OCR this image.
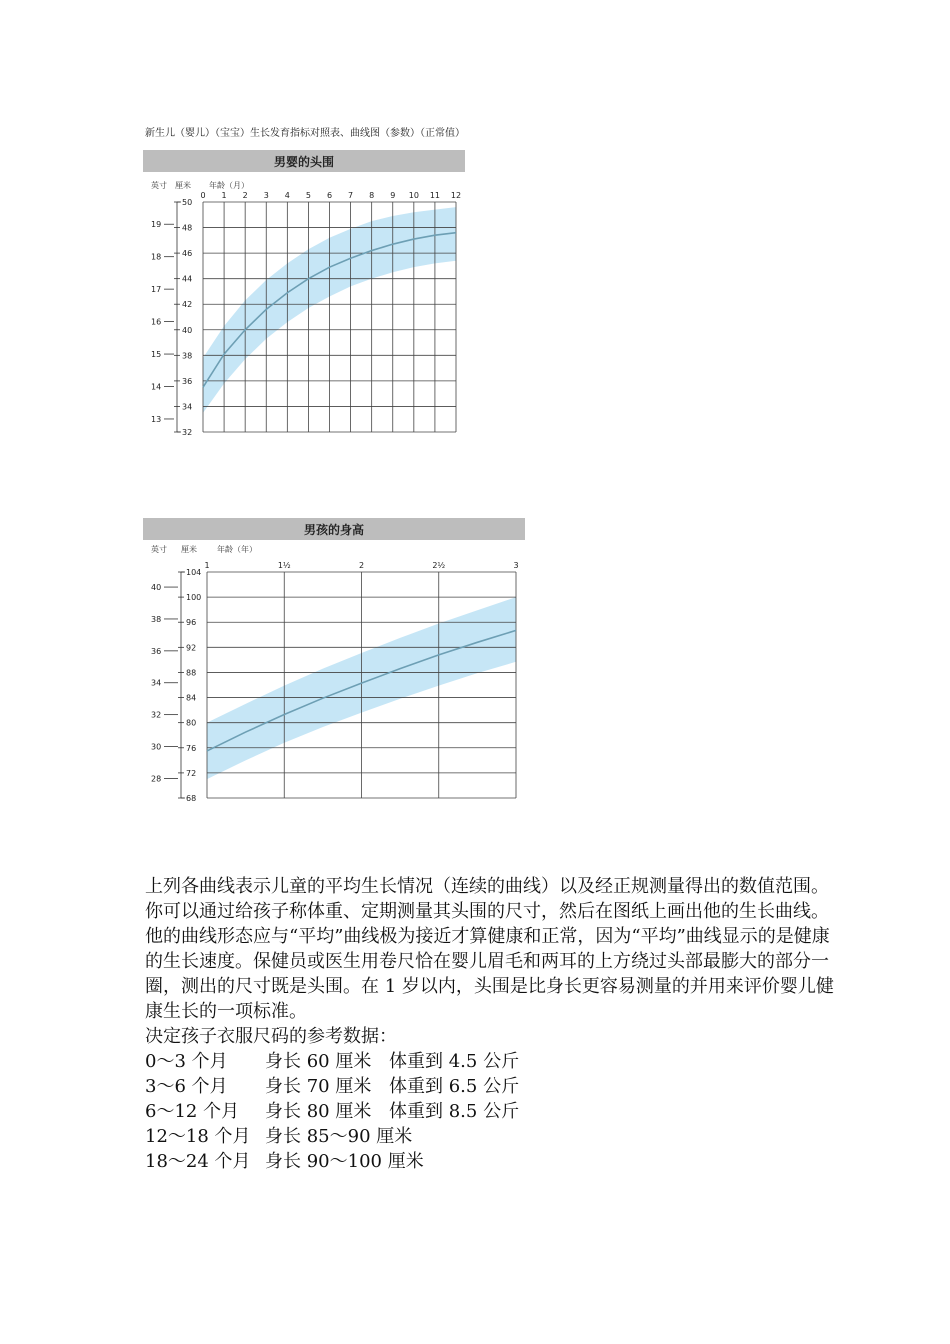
新生儿（婴儿）（宝宝）生长发育指标对照表、曲线图（参数）（正常值）
男婴的头围
英寸 厘米 年龄（月）
0 1 2 3 4 5 6 7 8 9 10 11 12
50
48
46
44
42
40
38
36
34
32
19
18
17
16
15
14
13
男孩的身高
英寸 厘米	年龄（年）
1	1½	2	2½	3
104
100
96
92
88
84
80
76
72
68
40
38
36
34
32
30
28

上列各曲线表示儿童的平均生长情况（连续的曲线）以及经正规测量得出的数值范围。你可以通过给孩子称体重、定期测量其头围的尺寸，然后在图纸上画出他的生长曲线。他的曲线形态应与“平均”曲线极为接近才算健康和正常，因为“平均”曲线显示的是健康的生长速度。保健员或医生用卷尺恰在婴儿眉毛和两耳的上方绕过头部最膨大的部分一圈，测出的尺寸既是头围。在 1 岁以内，头围是比身长更容易测量的并用来评价婴儿健康生长的一项标准。

决定孩子衣服尺码的参考数据：

0～3 个月	身长 60 厘米 体重到 4.5 公斤
3～6 个月	身长 70 厘米 体重到 6.5 公斤
6～12 个月	身长 80 厘米 体重到 8.5 公斤
12～18 个月 身长 85～90 厘米
18～24 个月 身长 90～100 厘米
